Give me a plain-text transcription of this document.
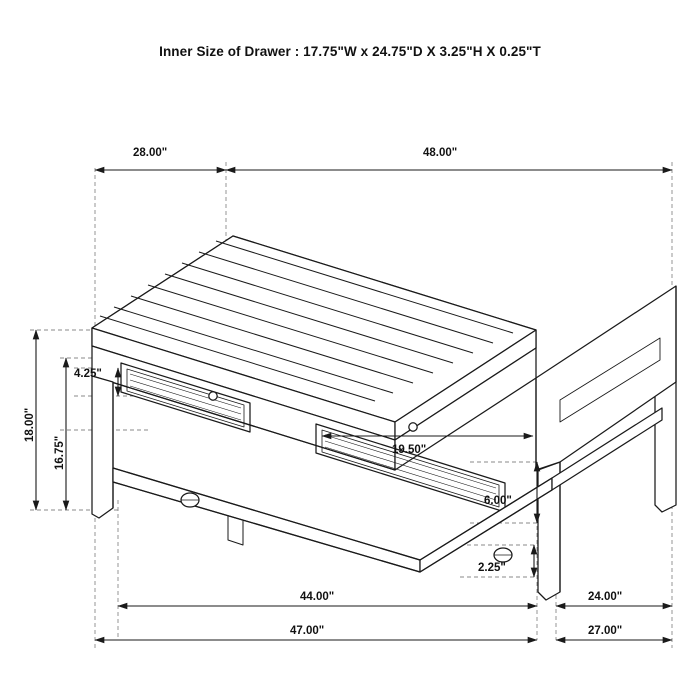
Inner Size of Drawer : 17.75"W x 24.75"D X 3.25"H X 0.25"T
28.00"	48.00"
18.00"
16.75"
4.25"
19.50"
6.00"
2.25"
44.00"	24.00"
47.00"	27.00"
